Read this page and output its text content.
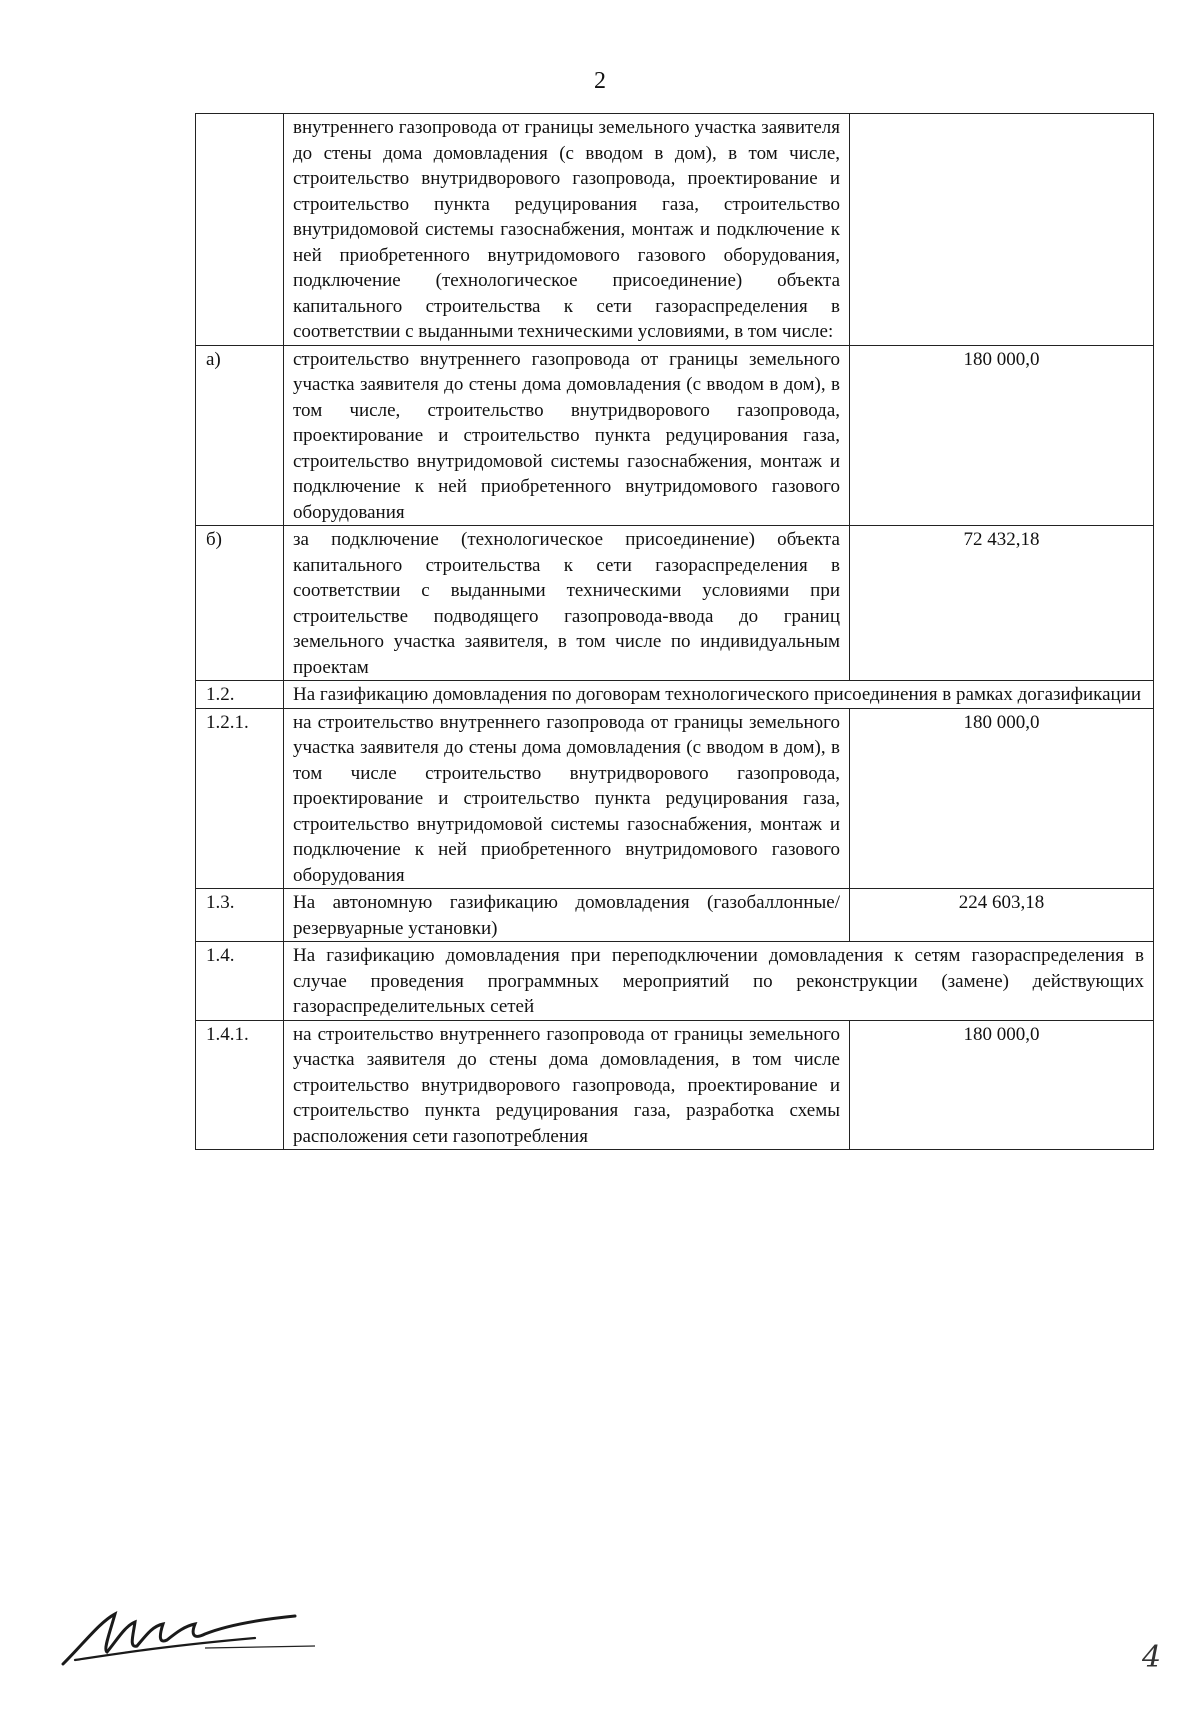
2
	внутреннего газопровода от границы земельного участка заявителя до стены дома домовладения (с вводом в дом), в том числе, строительство внутридворового газопровода, проектирование и строительство пункта редуцирования газа, строительство внутридомовой системы газоснабжения, монтаж и подключение к ней приобретенного внутридомового газового оборудования, подключение (технологическое присоединение) объекта капитального строительства к сети газораспределения в соответствии с выданными техническими условиями, в том числе:	
а)	строительство внутреннего газопровода от границы земельного участка заявителя до стены дома домовладения (с вводом в дом), в том числе, строительство внутридворового газопровода, проектирование и строительство пункта редуцирования газа, строительство внутридомовой системы газоснабжения, монтаж и подключение к ней приобретенного внутридомового газового оборудования	180 000,0
б)	за подключение (технологическое присоединение) объекта капитального строительства к сети газораспределения в соответствии с выданными техническими условиями при строительстве подводящего газопровода-ввода до границ земельного участка заявителя, в том числе по индивидуальным проектам	72 432,18
1.2.	На газификацию домовладения по договорам технологического присоединения в рамках догазификации	
1.2.1.	на строительство внутреннего газопровода от границы земельного участка заявителя до стены дома домовладения (с вводом в дом), в том числе строительство внутридворового газопровода, проектирование и строительство пункта редуцирования газа, строительство внутридомовой системы газоснабжения, монтаж и подключение к ней приобретенного внутридомового газового оборудования	180 000,0
1.3.	На автономную газификацию домовладения (газобаллонные/резервуарные установки)	224 603,18
1.4.	На газификацию домовладения при переподключении домовладения к сетям газораспределения в случае проведения программных мероприятий по реконструкции (замене) действующих газораспределительных сетей	
1.4.1.	на строительство внутреннего газопровода от границы земельного участка заявителя до стены дома домовладения, в том числе строительство внутридворового газопровода, проектирование и строительство пункта редуцирования газа, разработка схемы расположения сети газопотребления	180 000,0
4
